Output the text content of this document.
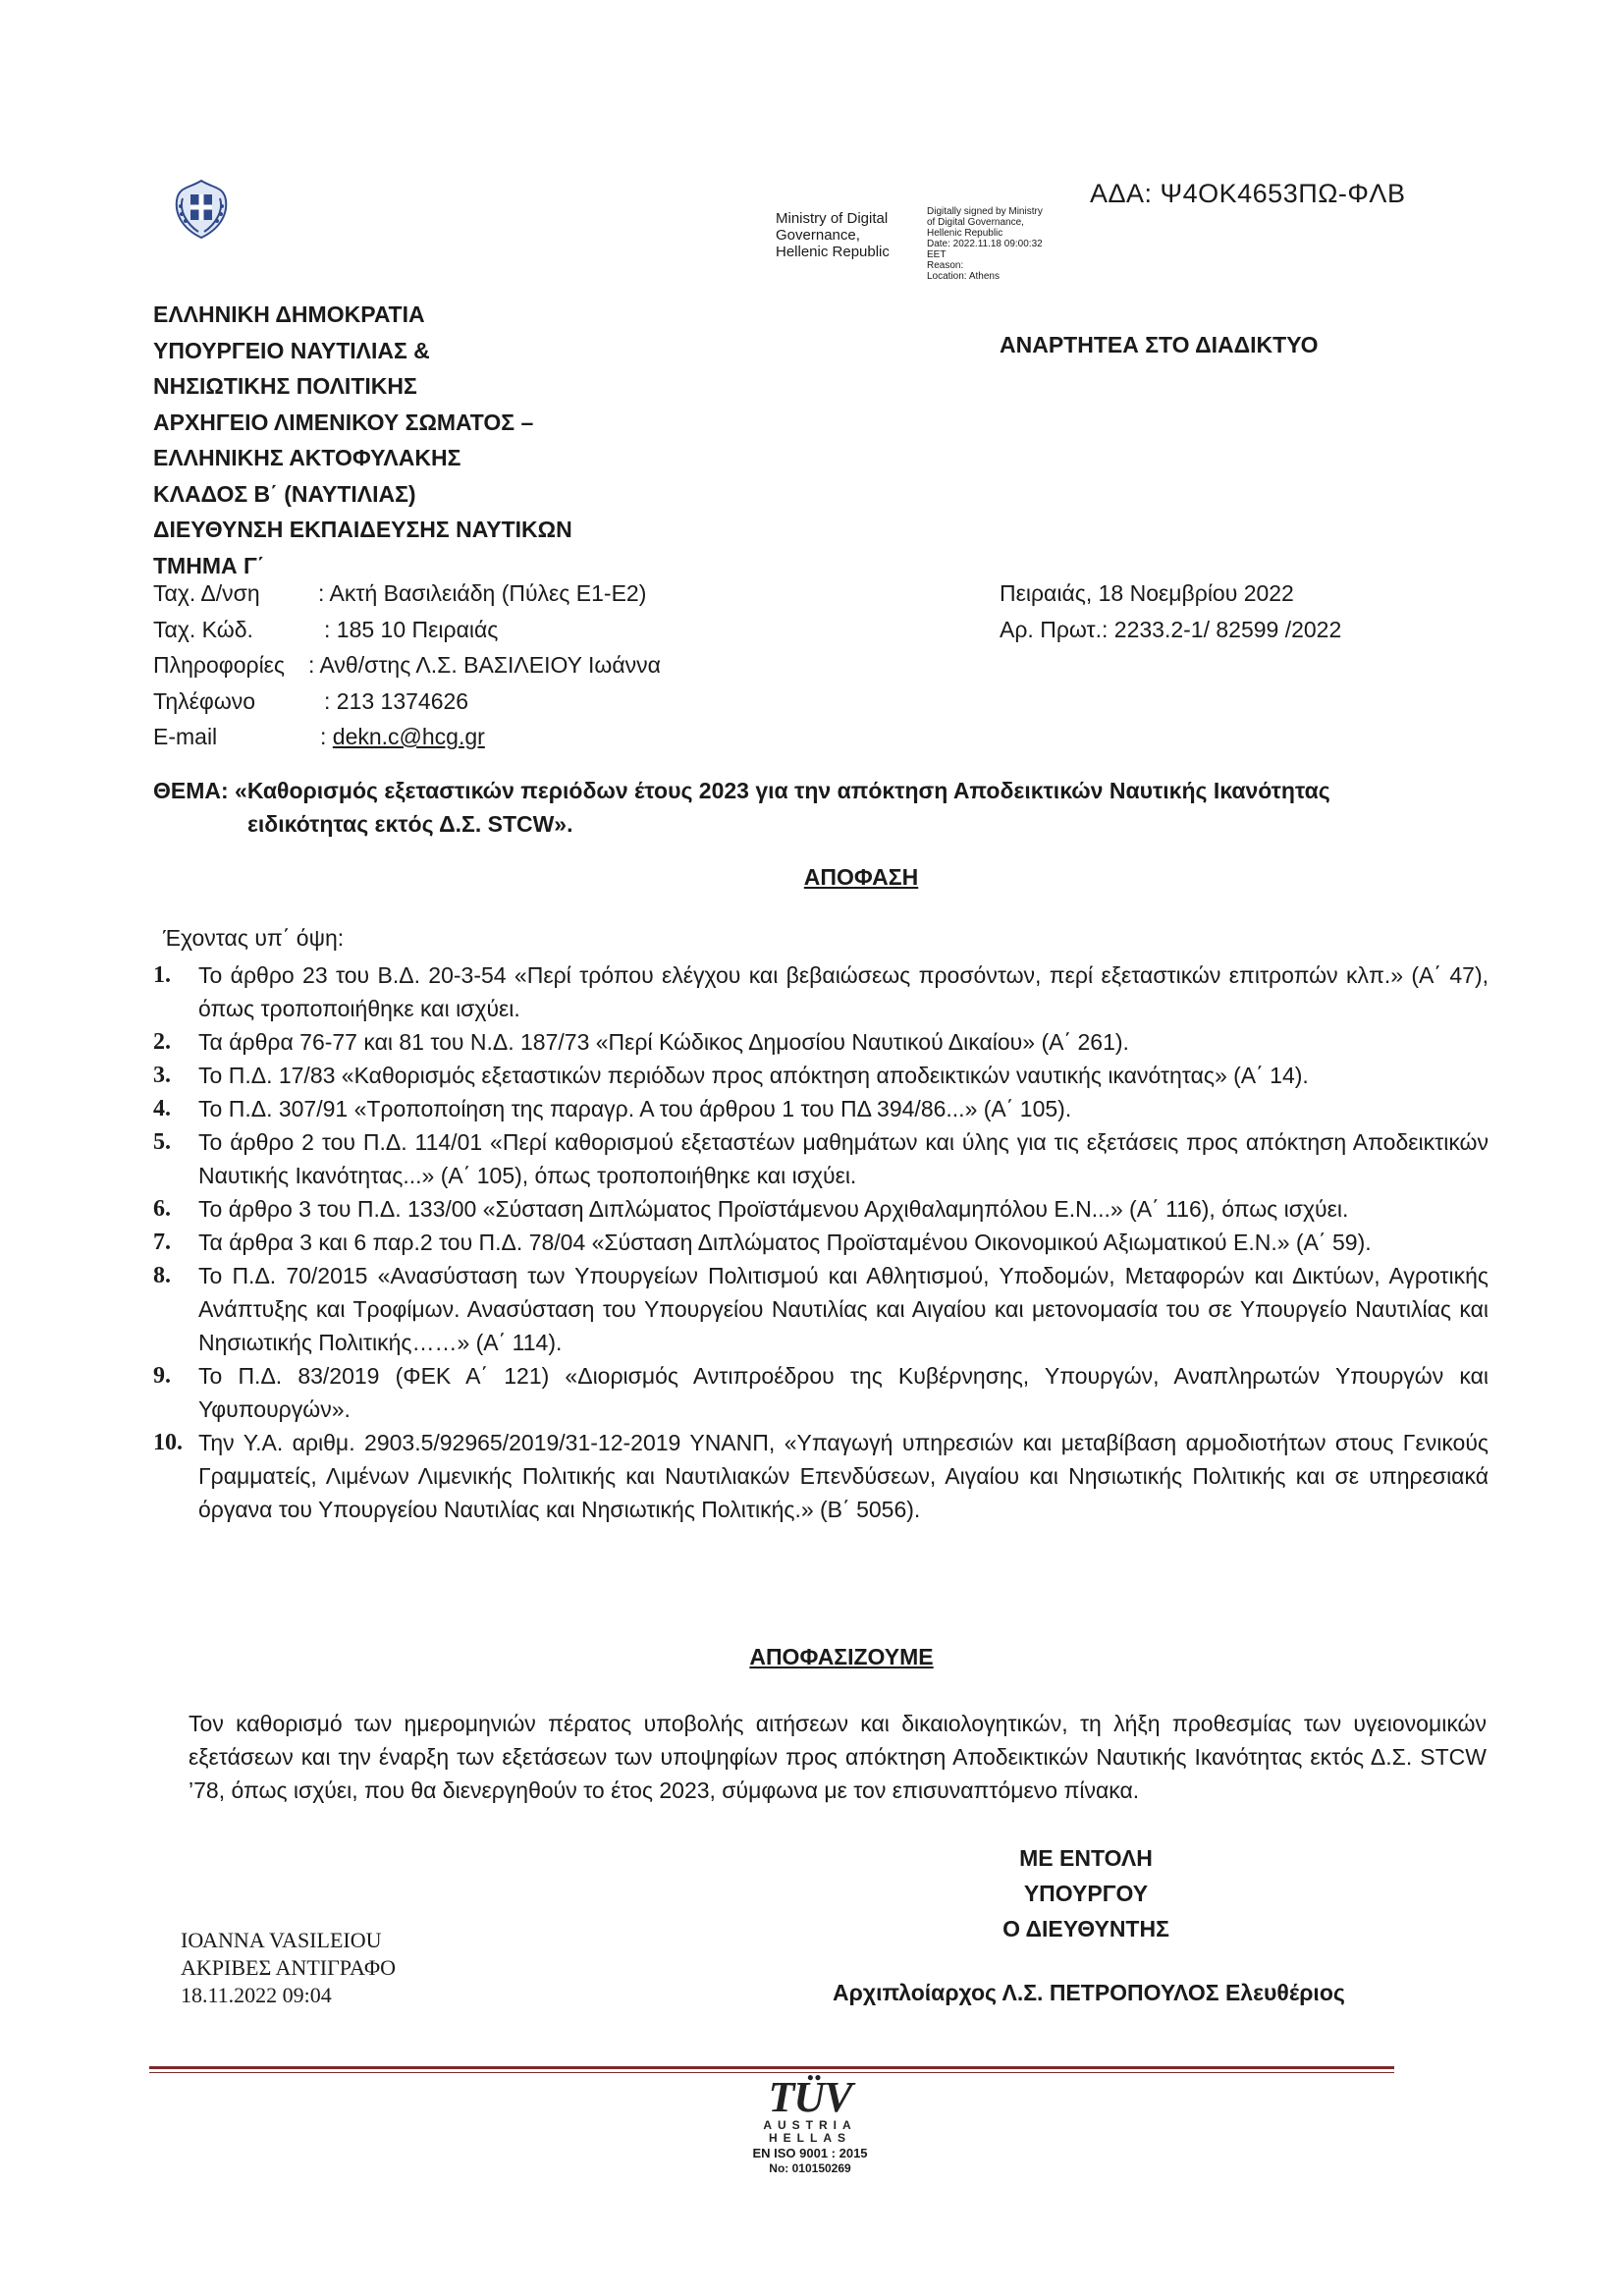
Ministry of Digital
Governance,
Hellenic Republic
Digitally signed by Ministry
of Digital Governance,
Hellenic Republic
Date: 2022.11.18 09:00:32
EET
Reason:
Location: Athens
ΑΔΑ: Ψ4ΟΚ4653ΠΩ-ΦΛΒ
ΑΝΑΡΤΗΤΕΑ ΣΤΟ ΔΙΑΔΙΚΤΥΟ
ΕΛΛΗΝΙΚΗ ΔΗΜΟΚΡΑΤΙΑ
ΥΠΟΥΡΓΕΙΟ ΝΑΥΤΙΛΙΑΣ &
ΝΗΣΙΩΤΙΚΗΣ ΠΟΛΙΤΙΚΗΣ
ΑΡΧΗΓΕΙΟ ΛΙΜΕΝΙΚΟΥ ΣΩΜΑΤΟΣ –
ΕΛΛΗΝΙΚΗΣ ΑΚΤΟΦΥΛΑΚΗΣ
ΚΛΑΔΟΣ Β΄ (ΝΑΥΤΙΛΙΑΣ)
ΔΙΕΥΘΥΝΣΗ ΕΚΠΑΙΔΕΥΣΗΣ ΝΑΥΤΙΚΩΝ
ΤΜΗΜΑ Γ΄
Ταχ. Δ/νση	: Ακτή Βασιλειάδη (Πύλες Ε1-Ε2)
Ταχ. Κώδ.	: 185 10 Πειραιάς
Πληροφορίες : Ανθ/στης Λ.Σ. ΒΑΣΙΛΕΙΟΥ Ιωάννα
Τηλέφωνο	: 213 1374626
E-mail	: dekn.c@hcg.gr
Πειραιάς, 18 Νοεμβρίου 2022
Αρ. Πρωτ.: 2233.2-1/ 82599 /2022
ΘΕΜΑ: «Καθορισμός εξεταστικών περιόδων έτους 2023 για την απόκτηση Αποδεικτικών Ναυτικής Ικανότητας
ειδικότητας εκτός Δ.Σ. STCW».
ΑΠΟΦΑΣΗ
Έχοντας υπ΄ όψη:
1. Το άρθρο 23 του Β.Δ. 20-3-54 «Περί τρόπου ελέγχου και βεβαιώσεως προσόντων, περί εξεταστικών επιτροπών κλπ.» (Α΄ 47), όπως τροποποιήθηκε και ισχύει.
2. Τα άρθρα 76-77 και 81 του Ν.Δ. 187/73 «Περί Κώδικος Δημοσίου Ναυτικού Δικαίου» (Α΄ 261).
3. Το Π.Δ. 17/83 «Καθορισμός εξεταστικών περιόδων προς απόκτηση αποδεικτικών ναυτικής ικανότητας» (Α΄ 14).
4. Το Π.Δ. 307/91 «Τροποποίηση της παραγρ. Α του άρθρου 1 του ΠΔ 394/86...» (Α΄ 105).
5. Το άρθρο 2 του Π.Δ. 114/01 «Περί καθορισμού εξεταστέων μαθημάτων και ύλης για τις εξετάσεις προς απόκτηση Αποδεικτικών Ναυτικής Ικανότητας...» (Α΄ 105), όπως τροποποιήθηκε και ισχύει.
6. Το άρθρο 3 του Π.Δ. 133/00 «Σύσταση Διπλώματος Προϊστάμενου Αρχιθαλαμηπόλου Ε.Ν...» (Α΄ 116), όπως ισχύει.
7. Τα άρθρα 3 και 6 παρ.2 του Π.Δ. 78/04 «Σύσταση Διπλώματος Προϊσταμένου Οικονομικού Αξιωματικού Ε.Ν.» (Α΄ 59).
8. Το Π.Δ. 70/2015 «Ανασύσταση των Υπουργείων Πολιτισμού και Αθλητισμού, Υποδομών, Μεταφορών και Δικτύων, Αγροτικής Ανάπτυξης και Τροφίμων. Ανασύσταση του Υπουργείου Ναυτιλίας και Αιγαίου και μετονομασία του σε Υπουργείο Ναυτιλίας και Νησιωτικής Πολιτικής……» (Α΄ 114).
9. Το Π.Δ. 83/2019 (ΦΕΚ Α΄ 121) «Διορισμός Αντιπροέδρου της Κυβέρνησης, Υπουργών, Αναπληρωτών Υπουργών και Υφυπουργών».
10. Την Υ.Α. αριθμ. 2903.5/92965/2019/31-12-2019 ΥΝΑΝΠ, «Υπαγωγή υπηρεσιών και μεταβίβαση αρμοδιοτήτων στους Γενικούς Γραμματείς, Λιμένων Λιμενικής Πολιτικής και Ναυτιλιακών Επενδύσεων, Αιγαίου και Νησιωτικής Πολιτικής και σε υπηρεσιακά όργανα του Υπουργείου Ναυτιλίας και Νησιωτικής Πολιτικής.» (Β΄ 5056).
ΑΠΟΦΑΣΙΖΟΥΜΕ
Τον καθορισμό των ημερομηνιών πέρατος υποβολής αιτήσεων και δικαιολογητικών, τη λήξη προθεσμίας των υγειονομικών εξετάσεων και την έναρξη των εξετάσεων των υποψηφίων προς απόκτηση Αποδεικτικών Ναυτικής Ικανότητας εκτός Δ.Σ. STCW ’78, όπως ισχύει, που θα διενεργηθούν το έτος 2023, σύμφωνα με τον επισυναπτόμενο πίνακα.
ΜΕ ΕΝΤΟΛΗ ΥΠΟΥΡΓΟΥ
Ο ΔΙΕΥΘΥΝΤΗΣ
ΙΟΑΝΝΑ VASILEIOU
ΑΚΡΙΒΕΣ ΑΝΤΙΓΡΑΦΟ
18.11.2022 09:04	Αρχιπλοίαρχος Λ.Σ. ΠΕΤΡΟΠΟΥΛΟΣ Ελευθέριος
TÜV
AUSTRIA
HELLAS
EN ISO 9001 : 2015
No: 010150269
